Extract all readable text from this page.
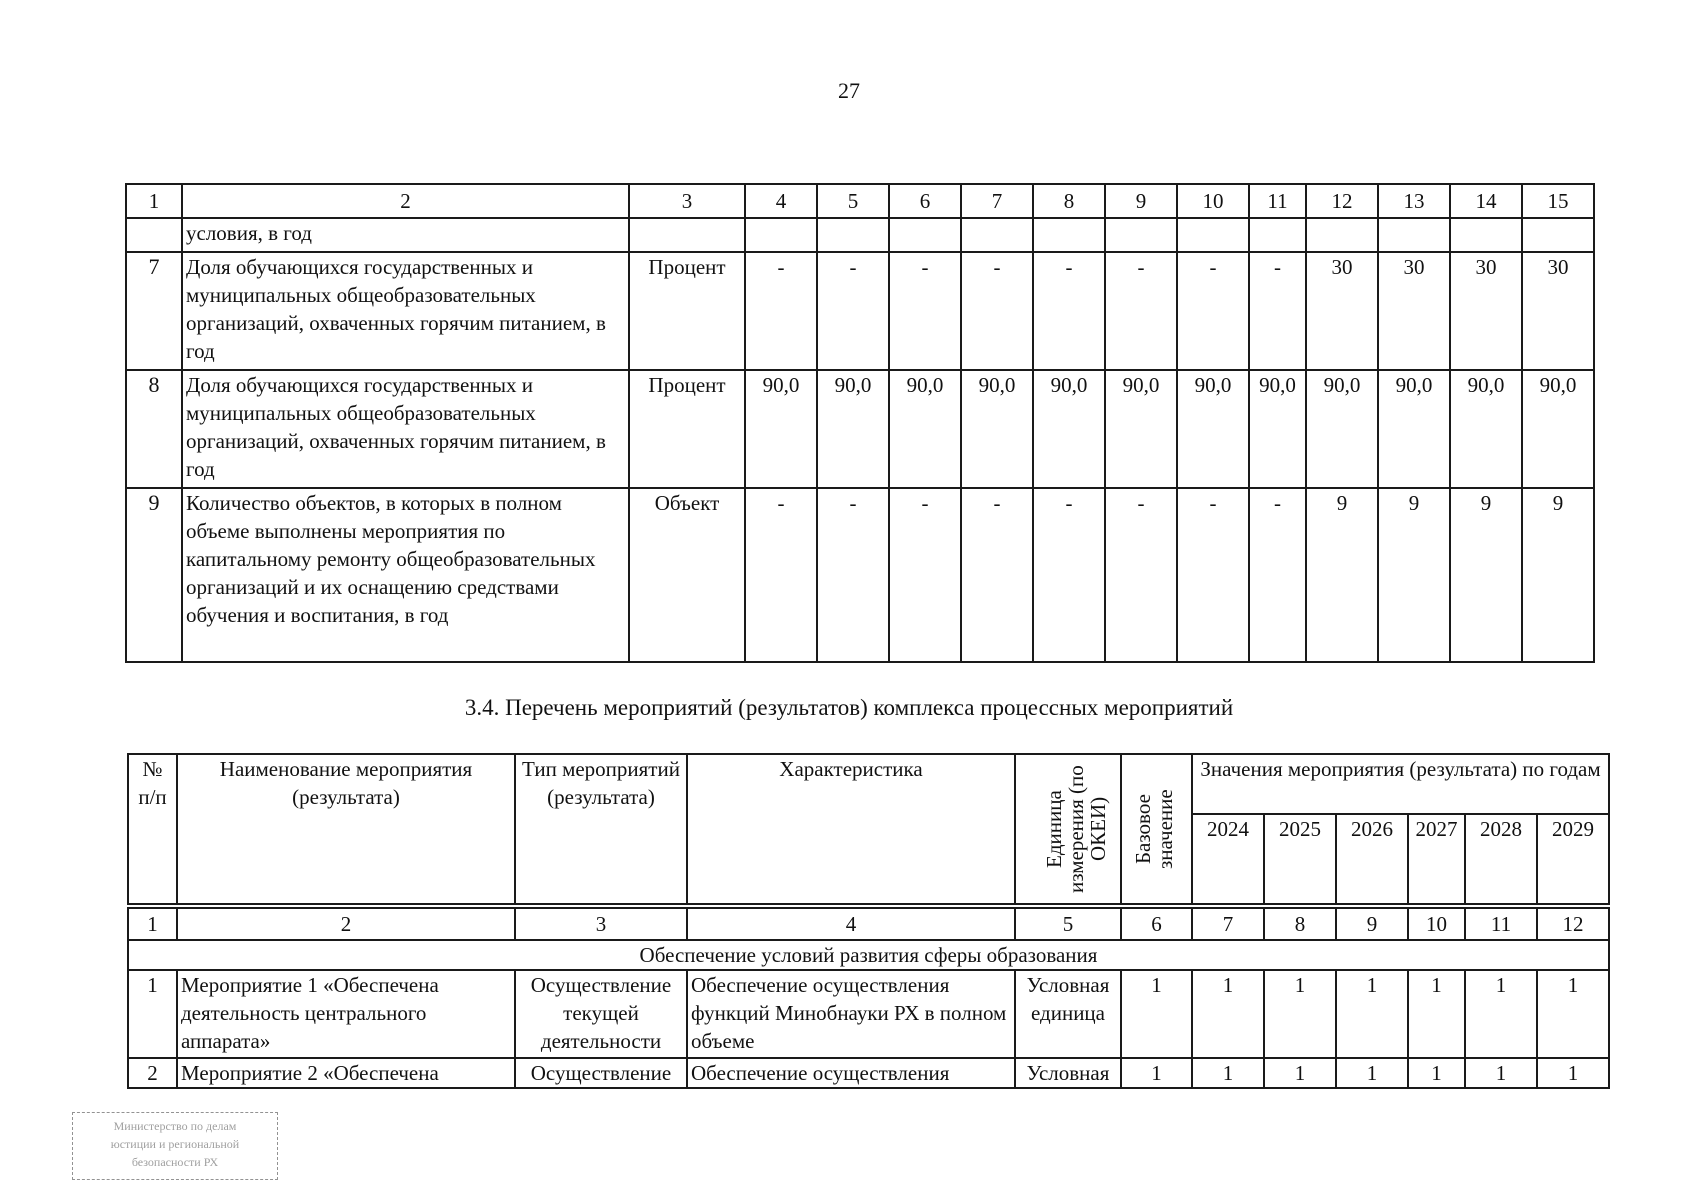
27
1	2	3	4	5	6	7	8	9	10	11	12	13	14	15
	условия, в год													
7	Доля обучающихся государственных и муниципальных общеобразовательных организаций, охваченных горячим питанием, в год	Процент	-	-	-	-	-	-	-	-	30	30	30	30
8	Доля обучающихся государственных и муниципальных общеобразовательных организаций, охваченных горячим питанием, в год	Процент	90,0	90,0	90,0	90,0	90,0	90,0	90,0	90,0	90,0	90,0	90,0	90,0
9	Количество объектов, в которых в полном объеме выполнены мероприятия по капитальному ремонту общеобразовательных организаций и их оснащению средствами обучения и воспитания, в год	Объект	-	-	-	-	-	-	-	-	9	9	9	9
3.4. Перечень мероприятий (результатов) комплекса процессных мероприятий
№ п/п	Наименование мероприятия (результата)	Тип мероприятий (результата)	Характеристика	Единица измерения (по ОКЕИ)	Базовое значение	Значения мероприятия (результата) по годам					
						2024	2025	2026	2027	2028	2029

1	2	3	4	5	6	7	8	9	10	11	12
Обеспечение условий развития сферы образования											
1	Мероприятие 1 «Обеспечена деятельность центрального аппарата»	Осуществление текущей деятельности	Обеспечение осуществления функций Минобнауки РХ в полном объеме	Условная единица	1	1	1	1	1	1	1
2	Мероприятие 2 «Обеспечена	Осуществление	Обеспечение осуществления	Условная	1	1	1	1	1	1	1
Министерство по делам
юстиции и региональной
безопасности РХ
